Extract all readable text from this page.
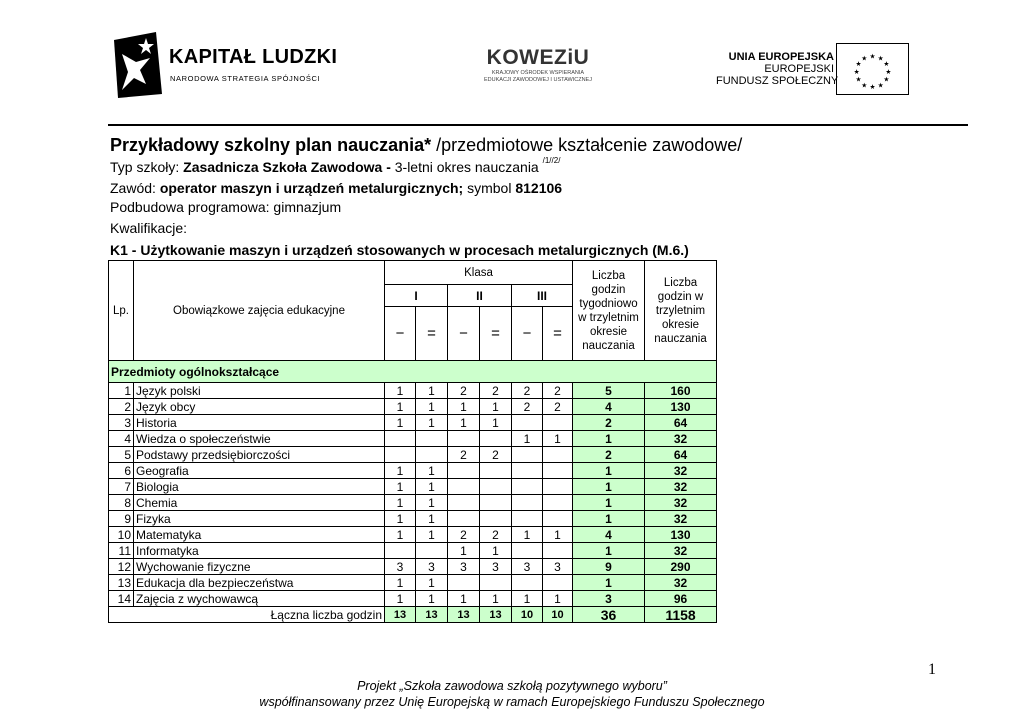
KAPITAŁ LUDZKI
NARODOWA STRATEGIA SPÓJNOŚCI
KOWEZiU
KRAJOWY OŚRODEK WSPIERANIA
EDUKACJI ZAWODOWEJ I USTAWICZNEJ
UNIA EUROPEJSKA
EUROPEJSKI
FUNDUSZ SPOŁECZNY
★ ★
★
★
★
★
★
★
★
★
★
★
Przykładowy szkolny plan nauczania* /przedmiotowe kształcenie zawodowe/
Typ szkoły: Zasadnicza Szkoła Zawodowa - 3-letni okres nauczania $^{/1//2/}$
Zawód: operator maszyn i urządzeń metalurgicznych; symbol 812106
Podbudowa programowa: gimnazjum
Kwalifikacje:
K1 - Użytkowanie maszyn i urządzeń stosowanych w procesach metalurgicznych (M.6.)
Lp.	Obowiązkowe zajęcia edukacyjne	Klasa						Liczba godzin tygodniowo w trzyletnim okresie nauczania	Liczba godzin w trzyletnim okresie nauczania
		I		II		III			
		−	=	−	=	−	=		
Przedmioty ogólnokształcące									
1	Język polski	1	1	2	2	2	2	5	160
2	Język obcy	1	1	1	1	2	2	4	130
3	Historia	1	1	1	1			2	64
4	Wiedza o społeczeństwie					1	1	1	32
5	Podstawy przedsiębiorczości			2	2			2	64
6	Geografia	1	1					1	32
7	Biologia	1	1					1	32
8	Chemia	1	1					1	32
9	Fizyka	1	1					1	32
10	Matematyka	1	1	2	2	1	1	4	130
11	Informatyka			1	1			1	32
12	Wychowanie fizyczne	3	3	3	3	3	3	9	290
13	Edukacja dla bezpieczeństwa	1	1					1	32
14	Zajęcia z wychowawcą	1	1	1	1	1	1	3	96
Łączna liczba godzin		13	13	13	13	10	10	36	1158
1
Projekt „Szkoła zawodowa szkołą pozytywnego wyboru”
współfinansowany przez Unię Europejską w ramach Europejskiego Funduszu Społecznego
